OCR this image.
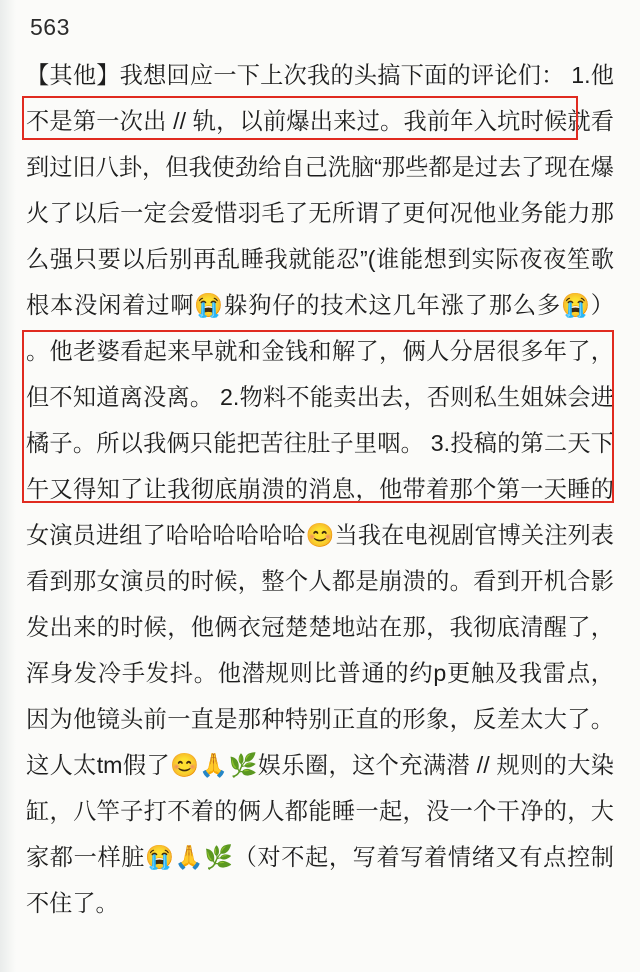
563
【其他】我想回应一下上次我的头搞下面的评论们： 1.他不是第一次出 // 轨，以前爆出来过。我前年入坑时候就看到过旧八卦，但我使劲给自己洗脑“那些都是过去了现在爆火了以后一定会爱惜羽毛了无所谓了更何况他业务能力那么强只要以后别再乱睡我就能忍”(谁能想到实际夜夜笙歌根本没闲着过啊😭躲狗仔的技术这几年涨了那么多😭） 。他老婆看起来早就和金钱和解了，俩人分居很多年了，但不知道离没离。 2.物料不能卖出去，否则私生姐妹会进橘子。所以我俩只能把苦往肚子里咽。 3.投稿的第二天下午又得知了让我彻底崩溃的消息，他带着那个第一天睡的女演员进组了哈哈哈哈哈哈😊当我在电视剧官博关注列表看到那女演员的时候，整个人都是崩溃的。看到开机合影发出来的时候，他俩衣冠楚楚地站在那，我彻底清醒了，浑身发冷手发抖。他潜规则比普通的约p更触及我雷点，因为他镜头前一直是那种特别正直的形象，反差太大了。这人太tm假了😊🙏🌿娱乐圈，这个充满潜 // 规则的大染缸，八竿子打不着的俩人都能睡一起，没一个干净的，大家都一样脏😭🙏🌿（对不起，写着写着情绪又有点控制不住了。
